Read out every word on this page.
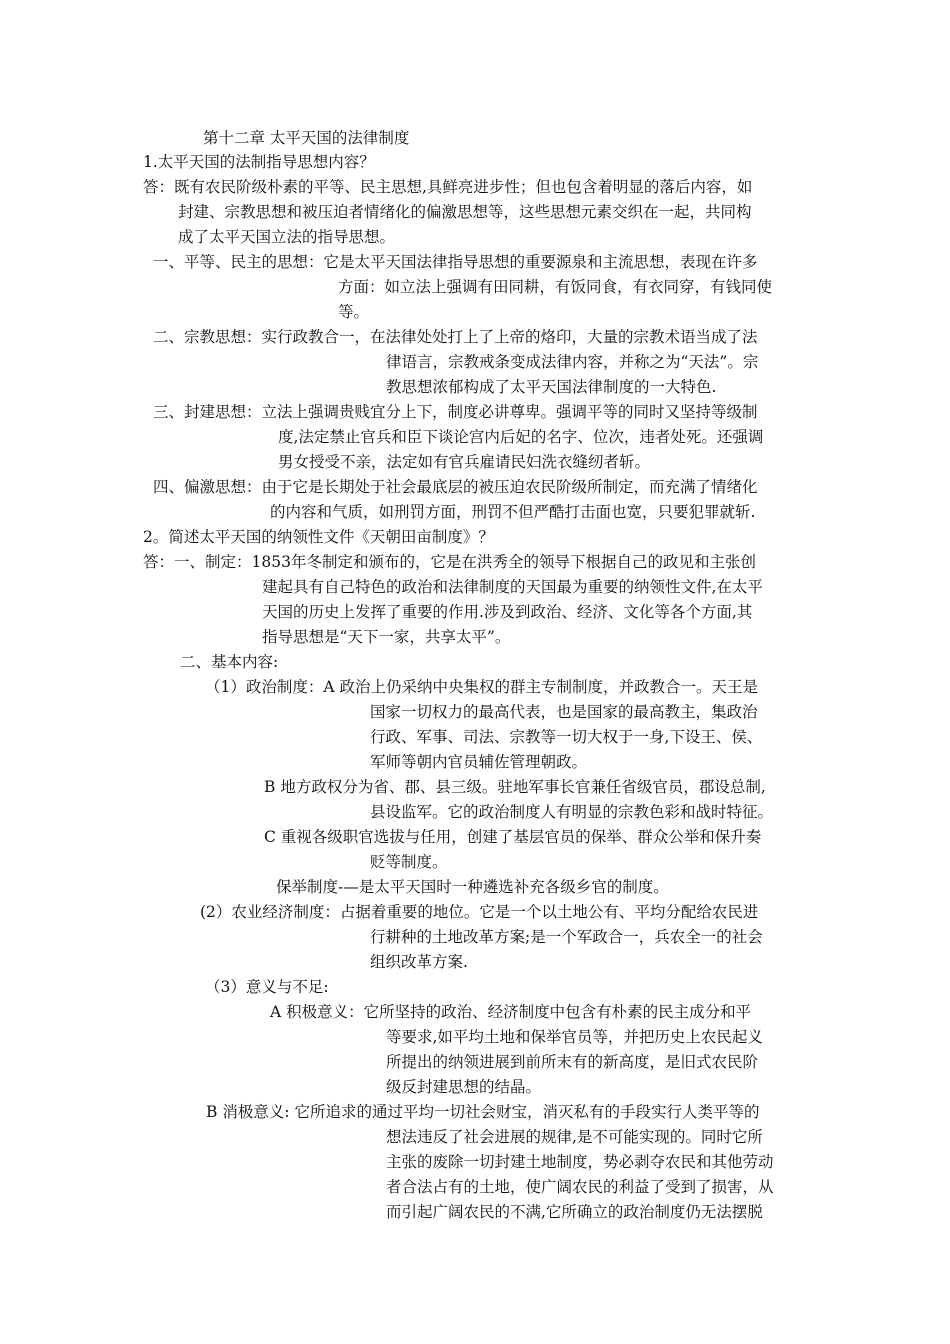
第十二章 太平天国的法律制度
1.太平天国的法制指导思想内容？
答：既有农民阶级朴素的平等、民主思想,具鲜亮进步性；但也包含着明显的落后内容，如
封建、宗教思想和被压迫者情绪化的偏激思想等，这些思想元素交织在一起，共同构
成了太平天国立法的指导思想。
一、平等、民主的思想：它是太平天国法律指导思想的重要源泉和主流思想，表现在许多
方面：如立法上强调有田同耕，有饭同食，有衣同穿，有钱同使
等。
二、宗教思想：实行政教合一，在法律处处打上了上帝的烙印，大量的宗教术语当成了法
律语言，宗教戒条变成法律内容，并称之为“天法”。宗
教思想浓郁构成了太平天国法律制度的一大特色.
三、封建思想：立法上强调贵贱宜分上下，制度必讲尊卑。强调平等的同时又坚持等级制
度,法定禁止官兵和臣下谈论宫内后妃的名字、位次，违者处死。还强调
男女授受不亲，法定如有官兵雇请民妇洗衣缝纫者斩。
四、偏激思想：由于它是长期处于社会最底层的被压迫农民阶级所制定，而充满了情绪化
的内容和气质，如刑罚方面，刑罚不但严酷打击面也宽，只要犯罪就斩.
2。简述太平天国的纳领性文件《天朝田亩制度》？
答：一、制定：1853年冬制定和颁布的，它是在洪秀全的领导下根据自己的政见和主张创
建起具有自己特色的政治和法律制度的天国最为重要的纳领性文件,在太平
天国的历史上发挥了重要的作用.涉及到政治、经济、文化等各个方面,其
指导思想是“天下一家，共享太平”。
二、基本内容:
（1）政治制度：A 政治上仍采纳中央集权的群主专制制度，并政教合一。天王是
国家一切权力的最高代表，也是国家的最高教主，集政治
行政、军事、司法、宗教等一切大权于一身,下设王、侯、
军师等朝内官员辅佐管理朝政。
B 地方政权分为省、郡、县三级。驻地军事长官兼任省级官员，郡设总制,
县设监军。它的政治制度人有明显的宗教色彩和战时特征。
C 重视各级职官选拔与任用，创建了基层官员的保举、群众公举和保升奏
贬等制度。
保举制度-—是太平天国时一种遴选补充各级乡官的制度。
(2）农业经济制度：占据着重要的地位。它是一个以土地公有、平均分配给农民进
行耕种的土地改革方案;是一个军政合一，兵农全一的社会
组织改革方案.
（3）意义与不足:
A 积极意义：它所坚持的政治、经济制度中包含有朴素的民主成分和平
等要求,如平均土地和保举官员等，并把历史上农民起义
所提出的纳领进展到前所末有的新高度，是旧式农民阶
级反封建思想的结晶。
B 消极意义: 它所追求的通过平均一切社会财宝，消灭私有的手段实行人类平等的
想法违反了社会进展的规律,是不可能实现的。同时它所
主张的废除一切封建土地制度，势必剥夺农民和其他劳动
者合法占有的土地，使广阔农民的利益了受到了损害，从
而引起广阔农民的不满,它所确立的政治制度仍无法摆脱
